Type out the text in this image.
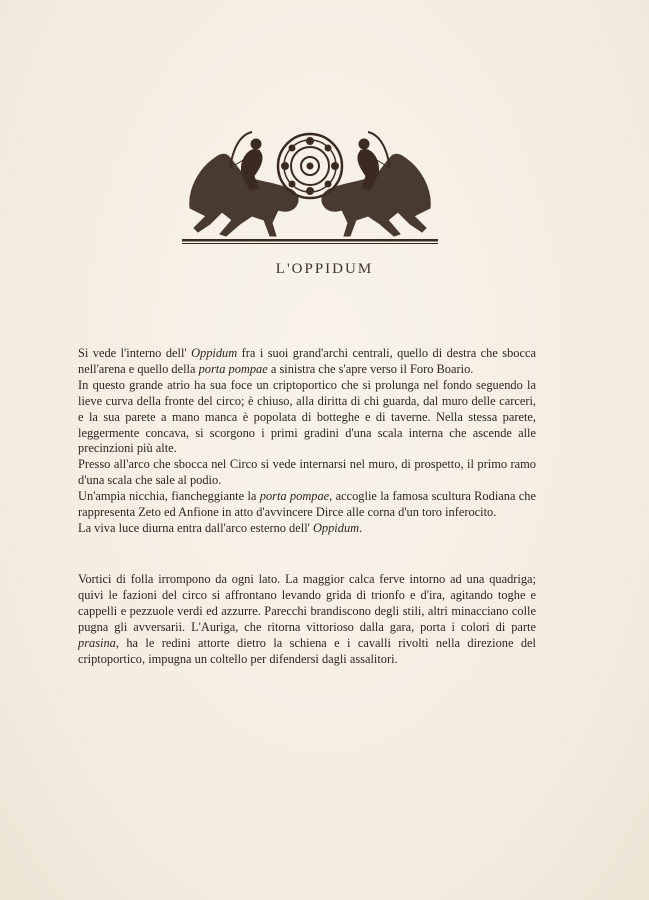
L'OPPIDUM

Si vede l'interno dell' Oppidum fra i suoi grand'archi centrali, quello di destra che sbocca nell'arena e quello della porta pompae a sinistra che s'apre verso il Foro Boario.

In questo grande atrio ha sua foce un criptoportico che si prolunga nel fondo seguendo la lieve curva della fronte del circo; è chiuso, alla diritta di chi guarda, dal muro delle carceri, e la sua parete a mano manca è popolata di botteghe e di taverne. Nella stessa parete, leggermente concava, si scorgono i primi gradini d'una scala interna che ascende alle precinzioni più alte.

Presso all'arco che sbocca nel Circo si vede internarsi nel muro, di prospetto, il primo ramo d'una scala che sale al podio.

Un'ampia nicchia, fiancheggiante la porta pompae, accoglie la famosa scultura Rodiana che rappresenta Zeto ed Anfione in atto d'avvincere Dirce alle corna d'un toro inferocito.

La viva luce diurna entra dall'arco esterno dell' Oppidum.

Vortici di folla irrompono da ogni lato. La maggior calca ferve intorno ad una quadriga; quivi le fazioni del circo si affrontano levando grida di trionfo e d'ira, agitando toghe e cappelli e pezzuole verdi ed azzurre. Parecchi brandiscono degli stili, altri minacciano colle pugna gli avversarii. L'Auriga, che ritorna vittorioso dalla gara, porta i colori di parte prasina, ha le redini attorte dietro la schiena e i cavalli rivolti nella direzione del criptoportico, impugna un coltello per difendersi dagli assalitori.
